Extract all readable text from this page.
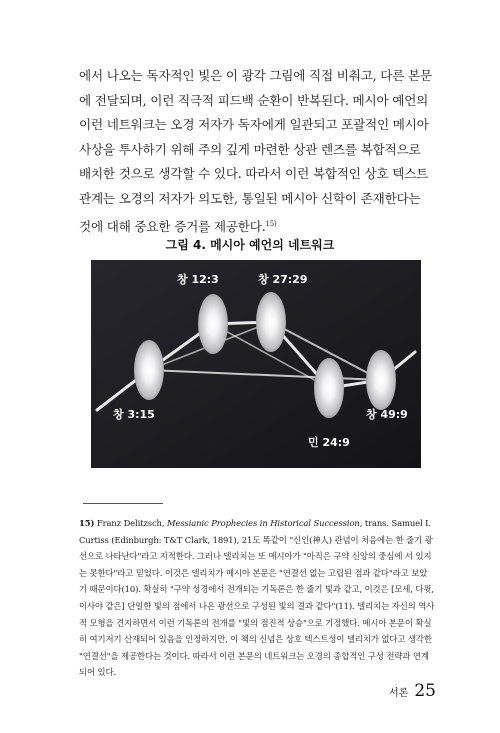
에서 나오는 독자적인 빛은 이 광각 그림에 직접 비춰고, 다른 본문에 전달되며, 이런 직극적 피드백 순환이 반복된다. 메시아 예언의 이런 네트워크는 오경 저자가 독자에게 일관되고 포괄적인 메시아 사상을 투사하기 위해 주의 깊게 마련한 상관 렌즈를 복합적으로 배치한 것으로 생각할 수 있다. 따라서 이런 복합적인 상호 텍스트 관계는 오경의 저자가 의도한, 통일된 메시아 신학이 존재한다는 것에 대해 중요한 증거를 제공한다.$^{15)}$
그림 4. 메시아 예언의 네트워크
창 12:3	창 27:29
창 3:15	창 49:9
민 24:9
15) Franz Delitzsch, Messianic Prophecies in Historical Succession, trans. Samuel I. Curtiss (Edinburgh: T&T Clark, 1891), 21도 똑같이 "신인(神人) 관념이 처음에는 한 줄기 광선으로 나타난다"라고 지적한다. 그러나 델리치는 또 메시아가 "아직은 구약 신앙의 중심에 서 있지는 못한다"라고 믿었다. 이것은 델리치가 메시아 본문은 "연결선 없는 고립된 점과 같다"라고 보았기 때문이다(10). 확실히 "구약 성경에서 전개되는 기독론은 한 줄기 빛과 같고, 이것은 [모세, 다윗, 이사야 같은] 단일한 빛의 점에서 나온 광선으로 구성된 빛의 결과 같다"(11). 델리치는 자신의 역사적 모형을 견지하면서 이런 기독론의 전개를 "빛의 점진적 상승"으로 기정했다. 메시아 본문이 확실히 여기저기 산재되어 있음을 인정하지만, 이 책의 신념은 상호 텍스트성이 델리치가 없다고 생각한 "연결선"을 제공한다는 것이다. 따라서 이런 본문의 네트워크는 오경의 종합적인 구성 전략과 연계되어 있다.
서론 25
